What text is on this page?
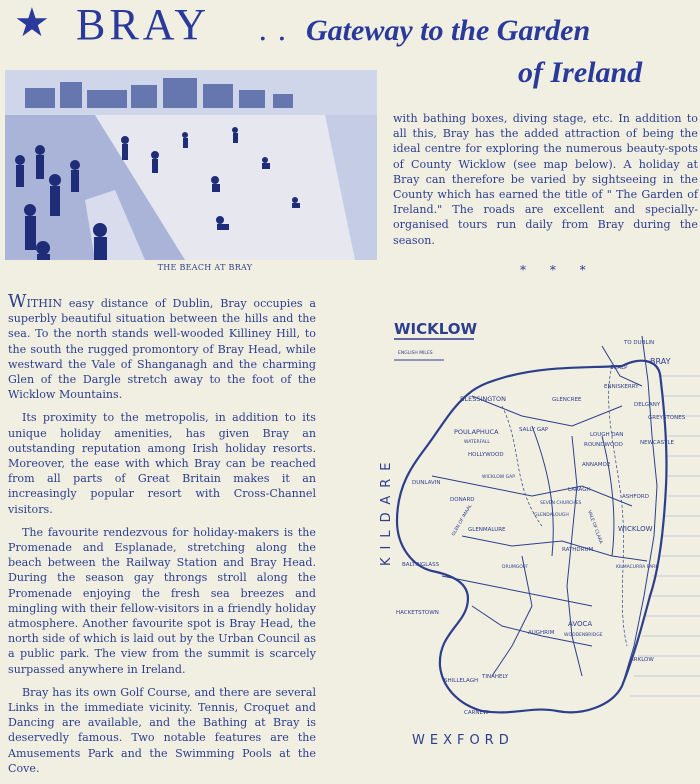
★ BRAY . . Gateway to the Garden
of Ireland
THE BEACH AT BRAY

WITHIN easy distance of Dublin, Bray occupies a superbly beautiful situation between the hills and the sea. To the north stands well-wooded Killiney Hill, to the south the rugged promontory of Bray Head, while westward the Vale of Shanganagh and the charming Glen of the Dargle stretch away to the foot of the Wicklow Mountains.

Its proximity to the metropolis, in addition to its unique holiday amenities, has given Bray an outstanding reputation among Irish holiday resorts. Moreover, the ease with which Bray can be reached from all parts of Great Britain makes it an increasingly popular resort with Cross-Channel visitors.

The favourite rendezvous for holiday-makers is the Promenade and Esplanade, stretching along the beach between the Railway Station and Bray Head. During the season gay throngs stroll along the Promenade enjoying the fresh sea breezes and mingling with their fellow-visitors in a friendly holiday atmosphere. Another favourite spot is Bray Head, the north side of which is laid out by the Urban Council as a public park. The view from the summit is scarcely surpassed anywhere in Ireland.

Bray has its own Golf Course, and there are several Links in the immediate vicinity. Tennis, Croquet and Dancing are available, and the Bathing at Bray is deservedly famous. Two notable features are the Amusements Park and the Swimming Pools at the Cove.

with bathing boxes, diving stage, etc. In addition to all this, Bray has the added attraction of being the ideal centre for exploring the numerous beauty-spots of County Wicklow (see map below). A holiday at Bray can therefore be varied by sightseeing in the County which has earned the title of " The Garden of Ireland." The roads are excellent and specially-organised tours run daily from Bray during the season.

* * *
WICKLOW
ENGLISH MILES
KILDARE
WEXFORD
TO DUBLIN
SCALP
BRAY
ENNISKERRY
BLESSINGTON	GLENCREE
SALLY GAP
ROUNDWOOD
POULAPHUCA
WATERFALL
HOLLYWOOD
LOUGH DAN
DUNLAVIN
DONARD
ANNAMOE
LARAGH
GLENMALURE
RATHDRUM
WICKLOW
BALTINGLASS
AVOCA
ARKLOW
AUGHRIM
TINAHELY
SHILLELAGH
CARNEW
HACKETSTOWN
DELGANY
GREYSTONES
NEWCASTLE
ASHFORD
WOODENBRIDGE
KILMACURRA PARK
GLENDALOUGH
SEVEN CHURCHES
DRUMGOFF
WICKLOW GAP
GLEN OF IMAAL	VALE OF CLARA
